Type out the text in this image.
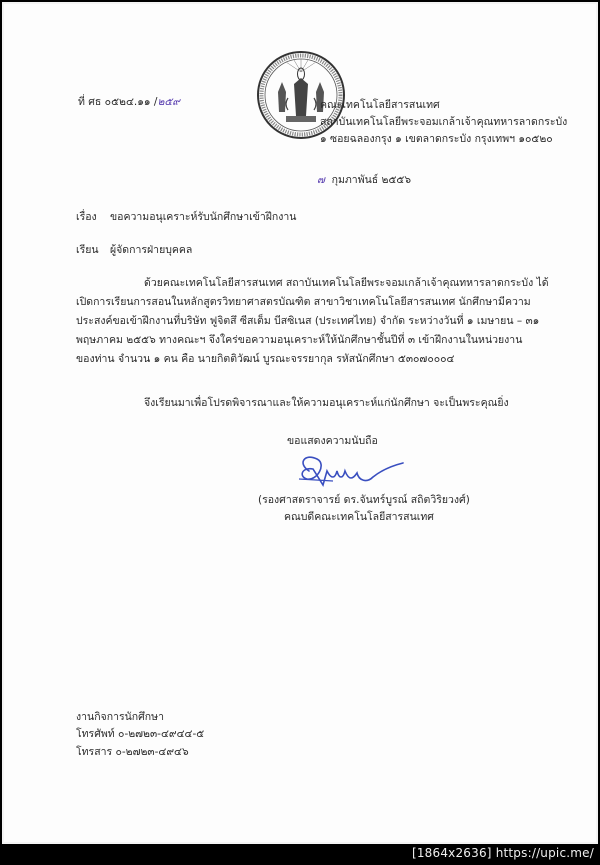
ที่ ศธ ๐๕๒๔.๑๑ /๒๕๙	คณะเทคโนโลยีสารสนเทศ
สถาบันเทคโนโลยีพระจอมเกล้าเจ้าคุณทหารลาดกระบัง
๑ ซอยฉลองกรุง ๑ เขตลาดกระบัง กรุงเทพฯ ๑๐๕๒๐
๗ กุมภาพันธ์ ๒๕๕๖
เรื่อง ขอความอนุเคราะห์รับนักศึกษาเข้าฝึกงาน
เรียน ผู้จัดการฝ่ายบุคคล
ด้วยคณะเทคโนโลยีสารสนเทศ สถาบันเทคโนโลยีพระจอมเกล้าเจ้าคุณทหารลาดกระบัง ได้
เปิดการเรียนการสอนในหลักสูตรวิทยาศาสตรบัณฑิต สาขาวิชาเทคโนโลยีสารสนเทศ นักศึกษามีความ
ประสงค์ขอเข้าฝึกงานที่บริษัท ฟูจิตสึ ซีสเต็ม บีสซิเนส (ประเทศไทย) จำกัด ระหว่างวันที่ ๑ เมษายน – ๓๑
พฤษภาคม ๒๕๕๖ ทางคณะฯ จึงใคร่ขอความอนุเคราะห์ให้นักศึกษาชั้นปีที่ ๓ เข้าฝึกงานในหน่วยงาน
ของท่าน จำนวน ๑ คน คือ นายกิตติวัฒน์ บูรณะจรรยากุล รหัสนักศึกษา ๕๓๐๗๐๐๐๔
จึงเรียนมาเพื่อโปรดพิจารณาและให้ความอนุเคราะห์แก่นักศึกษา จะเป็นพระคุณยิ่ง
ขอแสดงความนับถือ
(รองศาสตราจารย์ ดร.จันทร์บูรณ์ สถิตวิริยวงศ์)
คณบดีคณะเทคโนโลยีสารสนเทศ
งานกิจการนักศึกษา
โทรศัพท์ ๐-๒๗๒๓-๔๙๔๔-๕
โทรสาร ๐-๒๗๒๓-๔๙๔๖
[1864x2636] https://upic.me/
